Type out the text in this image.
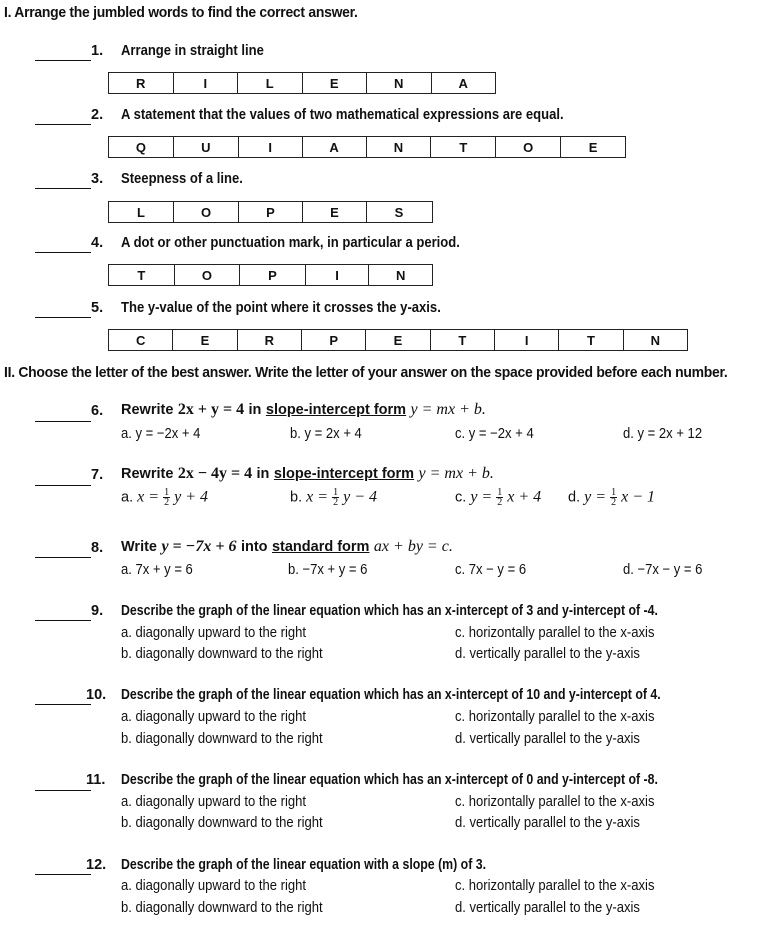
I. Arrange the jumbled words to find the correct answer.
1. Arrange in straight line
R	I	L	E	N	A
2. A statement that the values of two mathematical expressions are equal.
Q	U	I	A	N	T	O	E
3. Steepness of a line.
L	O	P	E	S
4. A dot or other punctuation mark, in particular a period.
T	O	P	I	N
5. The y-value of the point where it crosses the y-axis.
C	E	R	P	E	T	I	T	N
II. Choose the letter of the best answer. Write the letter of your answer on the space provided before each number.
6. Rewrite 2x + y = 4 in slope-intercept form y = mx + b.
a. y = −2x + 4	b. y = 2x + 4	c. y = −2x + 4	d. y = 2x + 12
7. Rewrite 2x − 4y = 4 in slope-intercept form y = mx + b.
a. $x = \frac{1}{2}$ y + 4	b. $x = \frac{1}{2}$ y − 4	c. $y = \frac{1}{2}$ x + 4 d. $y = \frac{1}{2}$ x − 1
8. Write y = −7x + 6 into standard form ax + by = c.
a. 7x + y = 6	b. −7x + y = 6	c. 7x − y = 6	d. −7x − y = 6
9. Describe the graph of the linear equation which has an x-intercept of 3 and y-intercept of -4.
a. diagonally upward to the right
b. diagonally downward to the right
c. horizontally parallel to the x-axis
d. vertically parallel to the y-axis
10. Describe the graph of the linear equation which has an x-intercept of 10 and y-intercept of 4.
a. diagonally upward to the right
b. diagonally downward to the right
c. horizontally parallel to the x-axis
d. vertically parallel to the y-axis
11. Describe the graph of the linear equation which has an x-intercept of 0 and y-intercept of -8.
a. diagonally upward to the right
b. diagonally downward to the right
c. horizontally parallel to the x-axis
d. vertically parallel to the y-axis
12. Describe the graph of the linear equation with a slope (m) of 3.
a. diagonally upward to the right
b. diagonally downward to the right
c. horizontally parallel to the x-axis
d. vertically parallel to the y-axis
